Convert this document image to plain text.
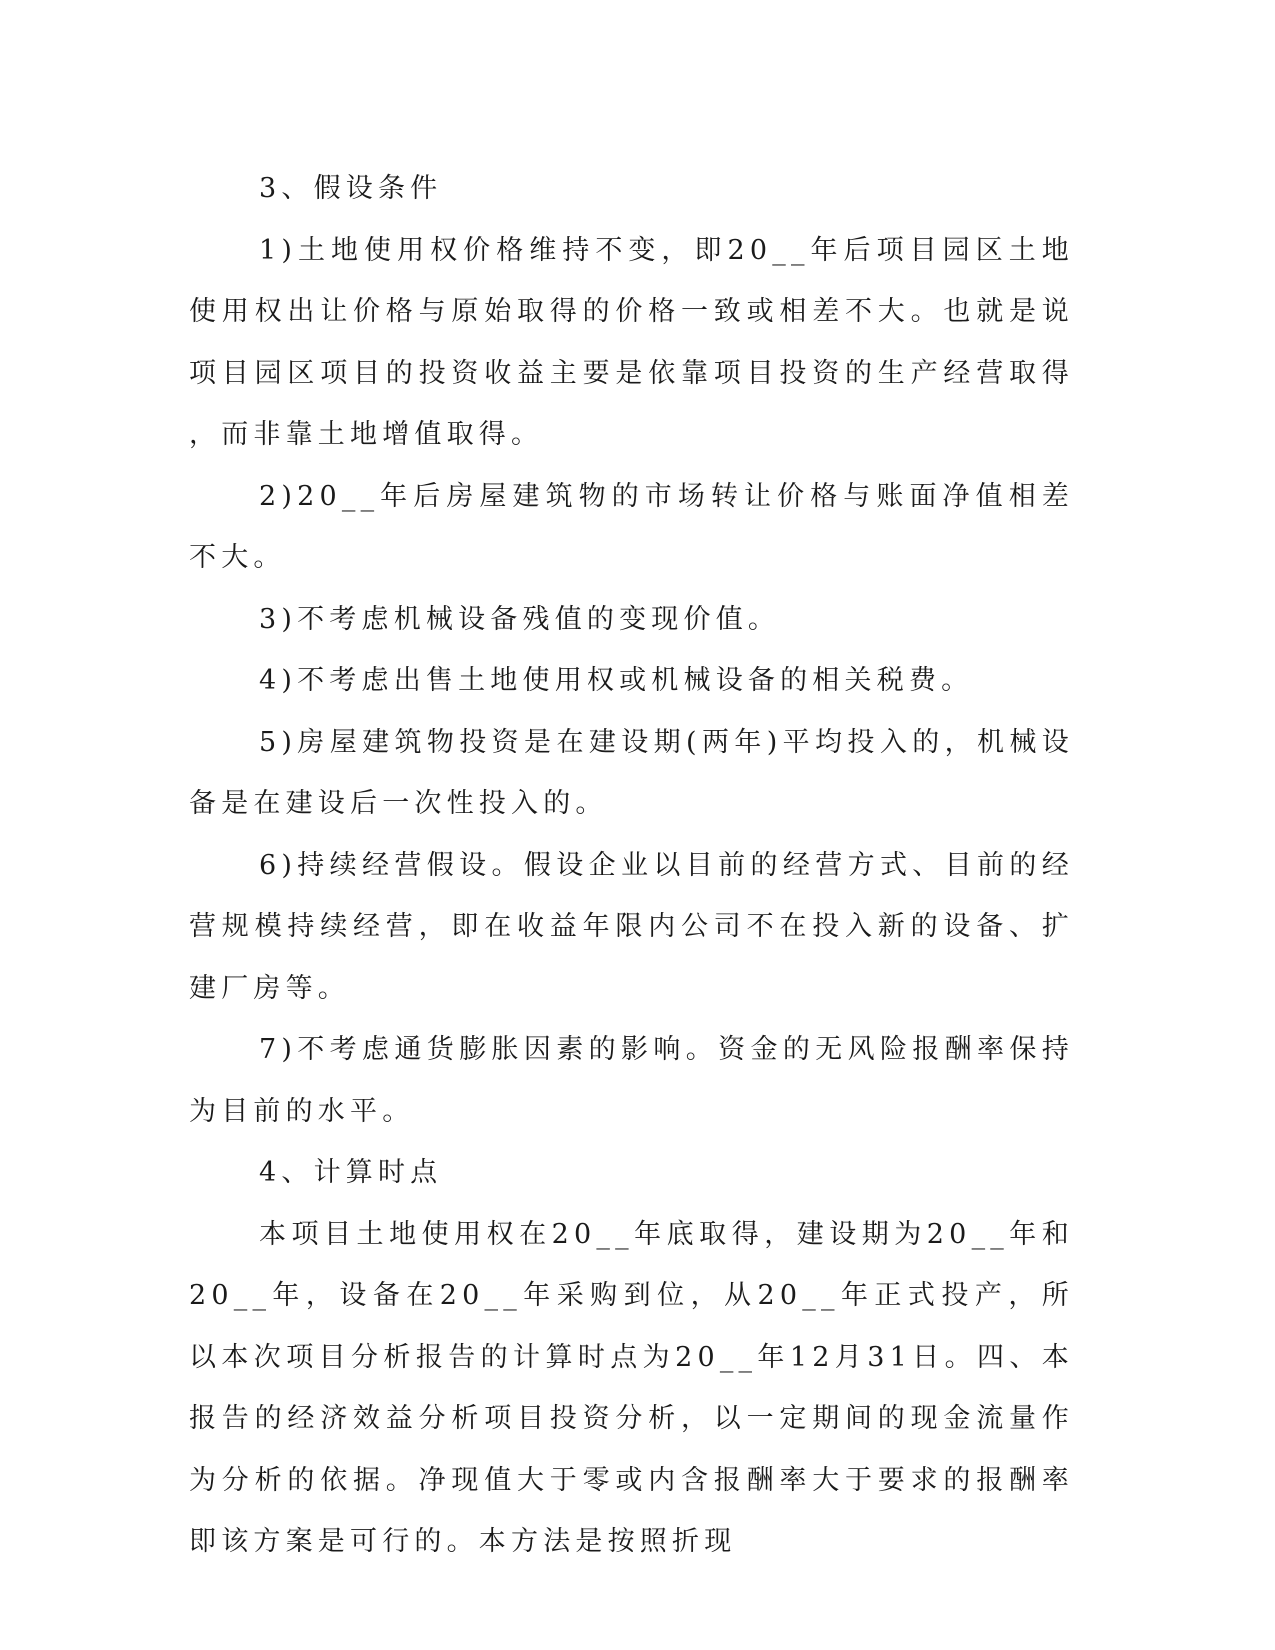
3、假设条件

1)土地使用权价格维持不变，即20__年后项目园区土地使用权出让价格与原始取得的价格一致或相差不大。也就是说项目园区项目的投资收益主要是依靠项目投资的生产经营取得，而非靠土地增值取得。

2)20__年后房屋建筑物的市场转让价格与账面净值相差不大。

3)不考虑机械设备残值的变现价值。

4)不考虑出售土地使用权或机械设备的相关税费。

5)房屋建筑物投资是在建设期(两年)平均投入的，机械设备是在建设后一次性投入的。

6)持续经营假设。假设企业以目前的经营方式、目前的经营规模持续经营，即在收益年限内公司不在投入新的设备、扩建厂房等。

7)不考虑通货膨胀因素的影响。资金的无风险报酬率保持为目前的水平。

4、计算时点

本项目土地使用权在20__年底取得，建设期为20__年和20__年，设备在20__年采购到位，从20__年正式投产，所以本次项目分析报告的计算时点为20__年12月31日。四、本报告的经济效益分析项目投资分析，以一定期间的现金流量作为分析的依据。净现值大于零或内含报酬率大于要求的报酬率即该方案是可行的。本方法是按照折现
